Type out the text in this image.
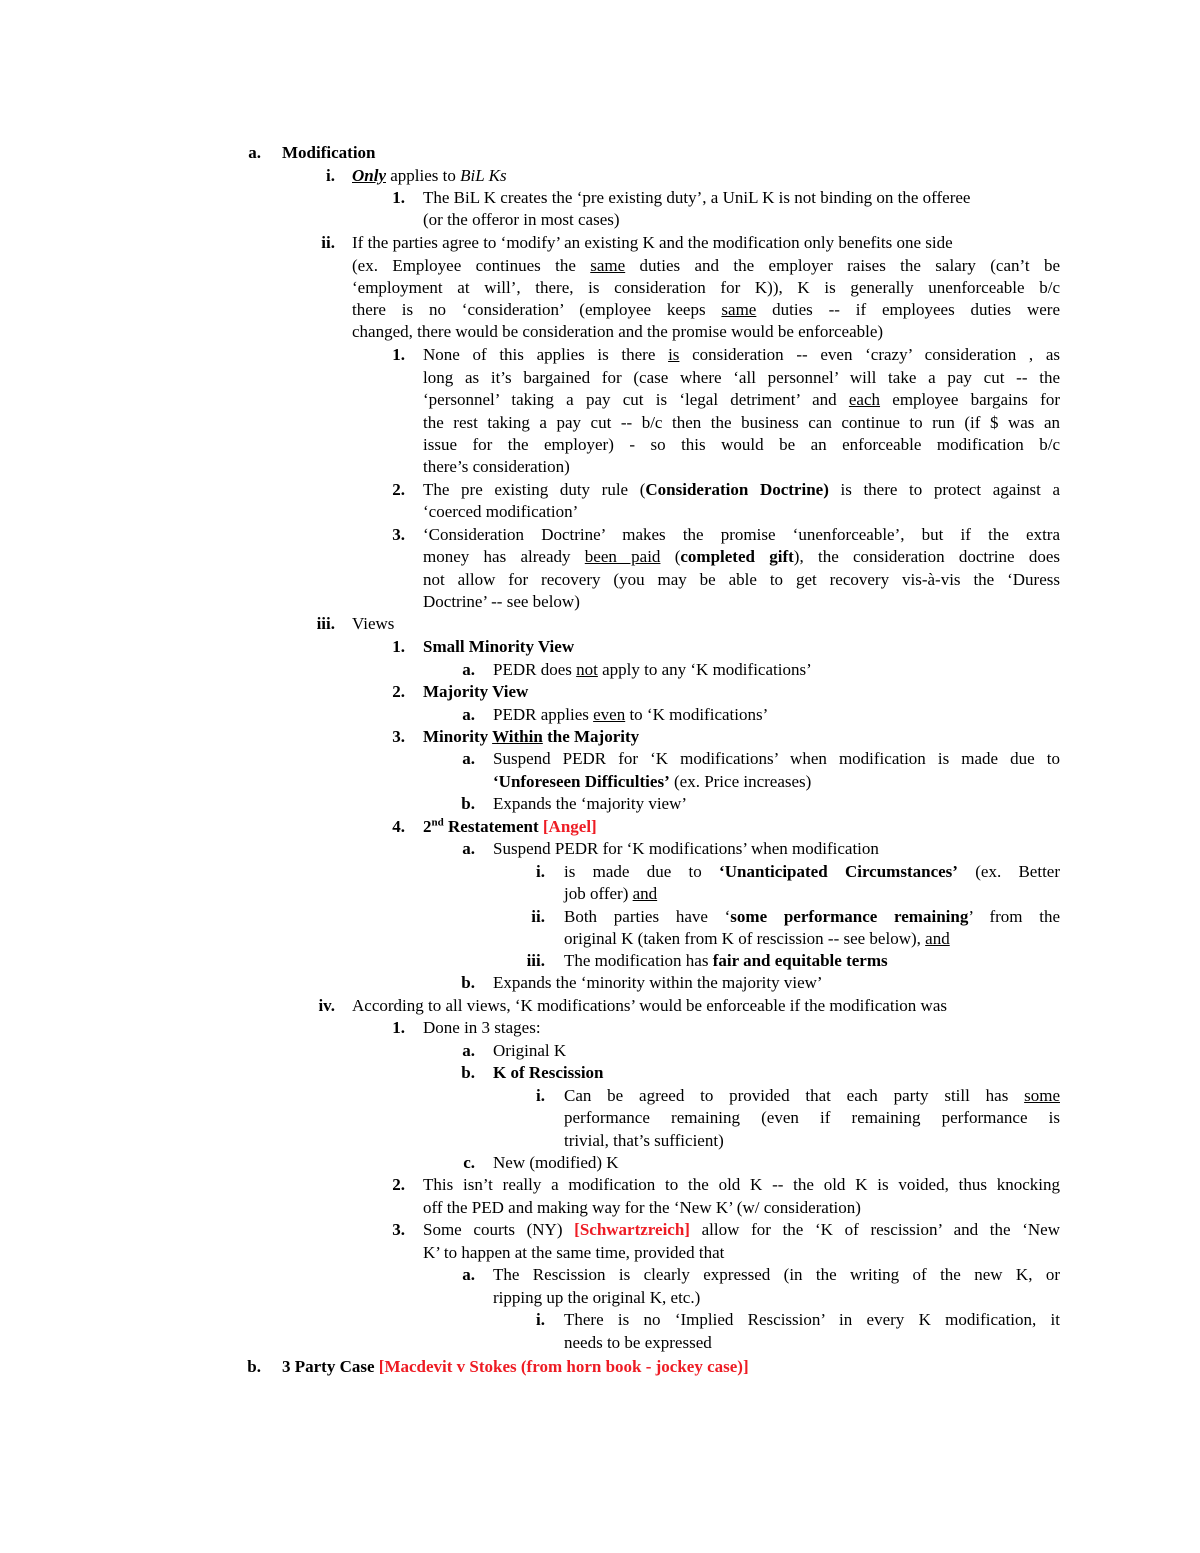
a. Modification
i. Only applies to BiL Ks
1. The BiL K creates the ‘pre existing duty’, a UniL K is not binding on the offeree
(or the offeror in most cases)
ii. If the parties agree to ‘modify’ an existing K and the modification only benefits one side
(ex. Employee continues the same duties and the employer raises the salary (can’t be
‘employment at will’, there, is consideration for K)), K is generally unenforceable b/c
there is no ‘consideration’ (employee keeps same duties -- if employees duties were
changed, there would be consideration and the promise would be enforceable)
1. None of this applies is there is consideration -- even ‘crazy’ consideration , as
long as it’s bargained for (case where ‘all personnel’ will take a pay cut -- the
‘personnel’ taking a pay cut is ‘legal detriment’ and each employee bargains for
the rest taking a pay cut -- b/c then the business can continue to run (if $ was an
issue for the employer) - so this would be an enforceable modification b/c
there’s consideration)
2. The pre existing duty rule (Consideration Doctrine) is there to protect against a
‘coerced modification’
3. ‘Consideration Doctrine’ makes the promise ‘unenforceable’, but if the extra
money has already been paid (completed gift), the consideration doctrine does
not allow for recovery (you may be able to get recovery vis-à-vis the ‘Duress
Doctrine’ -- see below)
iii. Views
1. Small Minority View
a. PEDR does not apply to any ‘K modifications’
2. Majority View
a. PEDR applies even to ‘K modifications’
3. Minority Within the Majority
a. Suspend PEDR for ‘K modifications’ when modification is made due to
‘Unforeseen Difficulties’ (ex. Price increases)
b. Expands the ‘majority view’
4. 2nd Restatement [Angel]
a. Suspend PEDR for ‘K modifications’ when modification
i. is made due to ‘Unanticipated Circumstances’ (ex. Better
job offer) and
ii. Both parties have ‘some performance remaining’ from the
original K (taken from K of rescission -- see below), and
iii. The modification has fair and equitable terms
b. Expands the ‘minority within the majority view’
iv. According to all views, ‘K modifications’ would be enforceable if the modification was
1. Done in 3 stages:
a. Original K
b. K of Rescission
i. Can be agreed to provided that each party still has some
performance remaining (even if remaining performance is
trivial, that’s sufficient)
c. New (modified) K
2. This isn’t really a modification to the old K -- the old K is voided, thus knocking
off the PED and making way for the ‘New K’ (w/ consideration)
3. Some courts (NY) [Schwartzreich] allow for the ‘K of rescission’ and the ‘New
K’ to happen at the same time, provided that
a. The Rescission is clearly expressed (in the writing of the new K, or
ripping up the original K, etc.)
i. There is no ‘Implied Rescission’ in every K modification, it
needs to be expressed
b. 3 Party Case [Macdevit v Stokes (from horn book - jockey case)]
